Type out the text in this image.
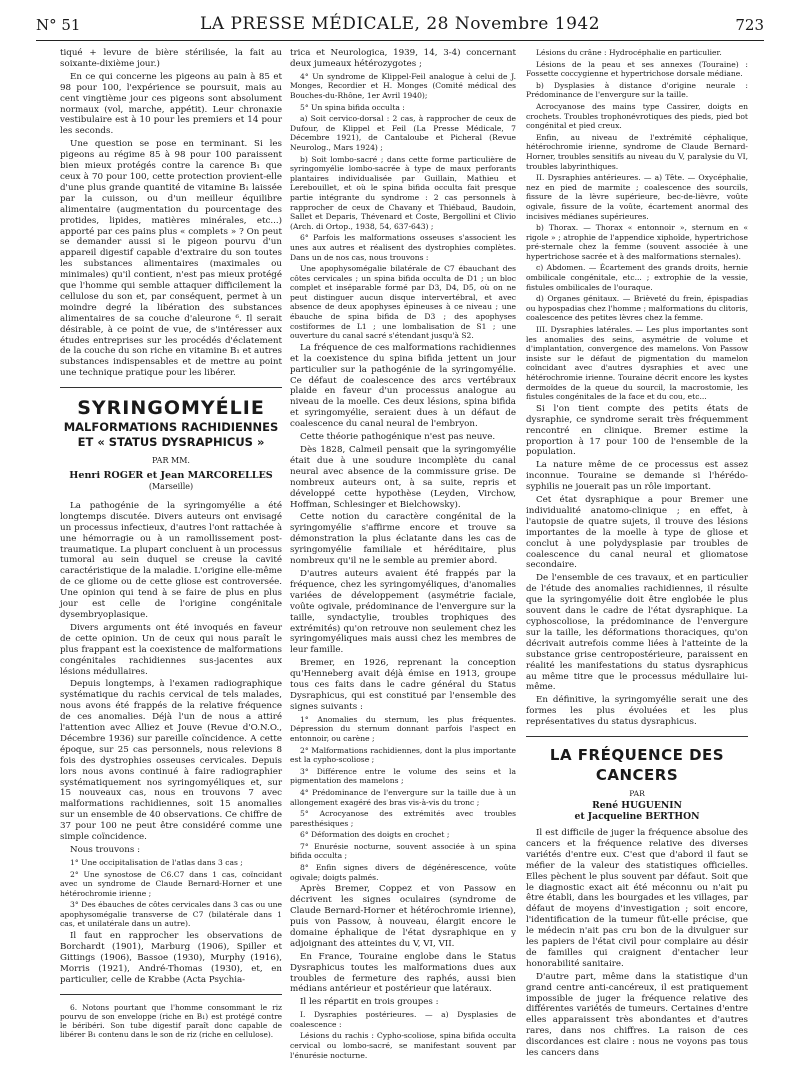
N° 51	LA PRESSE MÉDICALE, 28 Novembre 1942	723

tiqué + levure de bière stérilisée, la fait au soixante-dixième jour.)

En ce qui concerne les pigeons au pain à 85 et 98 pour 100, l'expérience se poursuit, mais au cent vingtième jour ces pigeons sont absolument normaux (vol, marche, appétit). Leur chronaxie vestibulaire est à 10 pour les premiers et 14 pour les seconds.

Une question se pose en terminant. Si les pigeons au régime 85 à 98 pour 100 paraissent bien mieux protégés contre la carence B₁ que ceux à 70 pour 100, cette protection provient-elle d'une plus grande quantité de vitamine B₁ laissée par la cuisson, ou d'un meilleur équilibre alimentaire (augmentation du pourcentage des protides, lipides, matières minérales, etc...) apporté par ces pains plus « complets » ? On peut se demander aussi si le pigeon pourvu d'un appareil digestif capable d'extraire du son toutes les substances alimentaires (maximales ou minimales) qu'il contient, n'est pas mieux protégé que l'homme qui semble attaquer difficilement la cellulose du son et, par conséquent, permet à un moindre degré la libération des substances alimentaires de sa couche d'aleurone ⁶. Il serait désirable, à ce point de vue, de s'intéresser aux études entreprises sur les procédés d'éclatement de la couche du son riche en vitamine B₁ et autres substances indispensables et de mettre au point une technique pratique pour les libérer.

SYRINGOMYÉLIE
MALFORMATIONS RACHIDIENNES
ET « STATUS DYSRAPHICUS »
PAR MM.
Henri ROGER et Jean MARCORELLES
(Marseille)

La pathogénie de la syringomyélie a été longtemps discutée. Divers auteurs ont envisagé un processus infectieux, d'autres l'ont rattachée à une hémorragie ou à un ramollissement post-traumatique. La plupart concluent à un processus tumoral au sein duquel se creuse la cavité caractéristique de la maladie. L'origine elle-même de ce gliome ou de cette gliose est controversée. Une opinion qui tend à se faire de plus en plus jour est celle de l'origine congénitale dysembryoplasique.

Divers arguments ont été invoqués en faveur de cette opinion. Un de ceux qui nous paraît le plus frappant est la coexistence de malformations congénitales rachidiennes sus-jacentes aux lésions médullaires.

Depuis longtemps, à l'examen radiographique systématique du rachis cervical de tels malades, nous avons été frappés de la relative fréquence de ces anomalies. Déjà l'un de nous a attiré l'attention avec Alliez et Jouve (Revue d'O.N.O., Décembre 1936) sur pareille coïncidence. A cette époque, sur 25 cas personnels, nous relevions 8 fois des dystrophies osseuses cervicales. Depuis lors nous avons continué à faire radiographier systématiquement nos syringomyéliques et, sur 15 nouveaux cas, nous en trouvons 7 avec malformations rachidiennes, soit 15 anomalies sur un ensemble de 40 observations. Ce chiffre de 37 pour 100 ne peut être considéré comme une simple coïncidence.

Nous trouvons :

1° Une occipitalisation de l'atlas dans 3 cas ;

2° Une synostose de C6.C7 dans 1 cas, coïncidant avec un syndrome de Claude Bernard-Horner et une hétérochromie irienne ;

3° Des ébauches de côtes cervicales dans 3 cas ou une apophysomégalie transverse de C7 (bilatérale dans 1 cas, et unilatérale dans un autre).

Il faut en rapprocher les observations de Borchardt (1901), Marburg (1906), Spiller et Gittings (1906), Bassoe (1930), Murphy (1916), Morris (1921), André-Thomas (1930), et, en particulier, celle de Krabbe (Acta Psychia-

6. Notons pourtant que l'homme consommant le riz pourvu de son enveloppe (riche en B₁) est protégé contre le béribéri. Son tube digestif paraît donc capable de libérer B₁ contenu dans le son de riz (riche en cellulose).

trica et Neurologica, 1939, 14, 3-4) concernant deux jumeaux hétérozygotes ;

4° Un syndrome de Klippel-Feil analogue à celui de J. Monges, Recordier et H. Monges (Comité médical des Bouches-du-Rhône, 1er Avril 1940);

5° Un spina bifida occulta :

a) Soit cervico-dorsal : 2 cas, à rapprocher de ceux de Dufour, de Klippel et Feil (La Presse Médicale, 7 Décembre 1921), de Cantaloube et Picheral (Revue Neurolog., Mars 1924) ;

b) Soit lombo-sacré ; dans cette forme particulière de syringomyélie lombo-sacrée à type de maux perforants plantaires individualisée par Guillain, Mathieu et Lerebouillet, et où le spina bifida occulta fait presque partie intégrante du syndrome : 2 cas personnels à rapprocher de ceux de Chavany et Thiébaud, Baudoin, Sallet et Deparis, Thévenard et Coste, Bergollini et Clivio (Arch. di Ortop., 1938, 54, 637-643) ;

6° Parfois les malformations osseuses s'associent les unes aux autres et réalisent des dystrophies complètes. Dans un de nos cas, nous trouvons :

Une apophysomégalie bilatérale de C7 ébauchant des côtes cervicales ; un spina bifida occulta de D1 ; un bloc complet et inséparable formé par D3, D4, D5, où on ne peut distinguer aucun disque intervertébral, et avec absence de deux apophyses épineuses à ce niveau ; une ébauche de spina bifida de D3 ; des apophyses costiformes de L1 ; une lombalisation de S1 ; une ouverture du canal sacré s'étendant jusqu'à S2.

La fréquence de ces malformations rachidiennes et la coexistence du spina bifida jettent un jour particulier sur la pathogénie de la syringomyélie. Ce défaut de coalescence des arcs vertébraux plaide en faveur d'un processus analogue au niveau de la moelle. Ces deux lésions, spina bifida et syringomyélie, seraient dues à un défaut de coalescence du canal neural de l'embryon.

Cette théorie pathogénique n'est pas neuve.

Dès 1828, Calmeil pensait que la syringomyélie était due à une soudure incomplète du canal neural avec absence de la commissure grise. De nombreux auteurs ont, à sa suite, repris et développé cette hypothèse (Leyden, Virchow, Hoffman, Schlesinger et Bielchowsky).

Cette notion du caractère congénital de la syringomyélie s'affirme encore et trouve sa démonstration la plus éclatante dans les cas de syringomyélie familiale et héréditaire, plus nombreux qu'il ne le semble au premier abord.

D'autres auteurs avaient été frappés par la fréquence, chez les syringomyéliques, d'anomalies variées de développement (asymétrie faciale, voûte ogivale, prédominance de l'envergure sur la taille, syndactylie, troubles trophiques des extrémités) qu'on retrouve non seulement chez les syringomyéliques mais aussi chez les membres de leur famille.

Bremer, en 1926, reprenant la conception qu'Henneberg avait déjà émise en 1913, groupe tous ces faits dans le cadre général du Status Dysraphicus, qui est constitué par l'ensemble des signes suivants :

1° Anomalies du sternum, les plus fréquentes. Dépression du sternum donnant parfois l'aspect en entonnoir, ou carène ;

2° Malformations rachidiennes, dont la plus importante est la cypho-scoliose ;

3° Différence entre le volume des seins et la pigmentation des mamelons ;

4° Prédominance de l'envergure sur la taille due à un allongement exagéré des bras vis-à-vis du tronc ;

5° Acrocyanose des extrémités avec troubles paresthésiques ;

6° Déformation des doigts en crochet ;

7° Enurésie nocturne, souvent associée à un spina bifida occulta ;

8° Enfin signes divers de dégénérescence, voûte ogivale; doigts palmés.

Après Bremer, Coppez et von Passow en décrivent les signes oculaires (syndrome de Claude Bernard-Horner et hétérochromie irienne), puis von Passow, à nouveau, élargit encore le domaine éphalique de l'état dysraphique en y adjoignant des atteintes du V, VI, VII.

En France, Touraine englobe dans le Status Dysraphicus toutes les malformations dues aux troubles de fermeture des raphés, aussi bien médians antérieur et postérieur que latéraux.

Il les répartit en trois groupes :

I. Dysraphies postérieures. — a) Dysplasies de coalescence :

Lésions du rachis : Cypho-scoliose, spina bifida occulta cervical ou lombo-sacré, se manifestant souvent par l'énurésie nocturne.

Lésions du crâne : Hydrocéphalie en particulier.

Lésions de la peau et ses annexes (Touraine) : Fossette coccygienne et hypertrichose dorsale médiane.

b) Dysplasies à distance d'origine neurale : Prédominance de l'envergure sur la taille.

Acrocyanose des mains type Cassirer, doigts en crochets. Troubles trophonévrotiques des pieds, pied bot congénital et pied creux.

Enfin, au niveau de l'extrémité céphalique, hétérochromie irienne, syndrome de Claude Bernard-Horner, troubles sensitifs au niveau du V, paralysie du VI, troubles labyrinthiques.

II. Dysraphies antérieures. — a) Tête. — Oxycéphalie, nez en pied de marmite ; coalescence des sourcils, fissure de la lèvre supérieure, bec-de-lièvre, voûte ogivale, fissure de la voûte, écartement anormal des incisives médianes supérieures.

b) Thorax. — Thorax « entonnoir », sternum en « rigole » ; atrophie de l'appendice xiphoïde, hypertrichose pré-sternale chez la femme (souvent associée à une hypertrichose sacrée et à des malformations sternales).

c) Abdomen. — Écartement des grands droits, hernie ombilicale congénitale, etc... ; extrophie de la vessie, fistules ombilicales de l'ouraque.

d) Organes génitaux. — Brièveté du frein, épispadias ou hypospadias chez l'homme ; malformations du clitoris, coalescence des petites lèvres chez la femme.

III. Dysraphies latérales. — Les plus importantes sont les anomalies des seins, asymétrie de volume et d'implantation, convergence des mamelons. Von Passow insiste sur le défaut de pigmentation du mamelon coïncidant avec d'autres dysraphies et avec une hétérochromie irienne. Touraine décrit encore les kystes dermoïdes de la queue du sourcil, la macrostomie, les fistules congénitales de la face et du cou, etc...

Si l'on tient compte des petits états de dysraphie, ce syndrome serait très fréquemment rencontré en clinique. Bremer estime la proportion à 17 pour 100 de l'ensemble de la population.

La nature même de ce processus est assez inconnue. Touraine se demande si l'hérédo-syphilis ne jouerait pas un rôle important.

Cet état dysraphique a pour Bremer une individualité anatomo-clinique ; en effet, à l'autopsie de quatre sujets, il trouve des lésions importantes de la moelle à type de gliose et conclut à une polydysplasie par troubles de coalescence du canal neural et gliomatose secondaire.

De l'ensemble de ces travaux, et en particulier de l'étude des anomalies rachidiennes, il résulte que la syringomyélie doit être englobée le plus souvent dans le cadre de l'état dysraphique. La cyphoscoliose, la prédominance de l'envergure sur la taille, les déformations thoraciques, qu'on décrivait autrefois comme liées à l'atteinte de la substance grise centropostérieure, paraissent en réalité les manifestations du status dysraphicus au même titre que le processus médullaire lui-même.

En définitive, la syringomyélie serait une des formes les plus évoluées et les plus représentatives du status dysraphicus.

LA FRÉQUENCE DES CANCERS
PAR
René HUGUENIN
et Jacqueline BERTHON

Il est difficile de juger la fréquence absolue des cancers et la fréquence relative des diverses variétés d'entre eux. C'est que d'abord il faut se méfier de la valeur des statistiques officielles. Elles pèchent le plus souvent par défaut. Soit que le diagnostic exact ait été méconnu ou n'ait pu être établi, dans les bourgades et les villages, par défaut de moyens d'investigation ; soit encore, l'identification de la tumeur fût-elle précise, que le médecin n'ait pas cru bon de la divulguer sur les papiers de l'état civil pour complaire au désir de familles qui craignent d'entacher leur honorabilité sanitaire.

D'autre part, même dans la statistique d'un grand centre anti-cancéreux, il est pratiquement impossible de juger la fréquence relative des différentes variétés de tumeurs. Certaines d'entre elles apparaissent très abondantes et d'autres rares, dans nos chiffres. La raison de ces discordances est claire : nous ne voyons pas tous les cancers dans
